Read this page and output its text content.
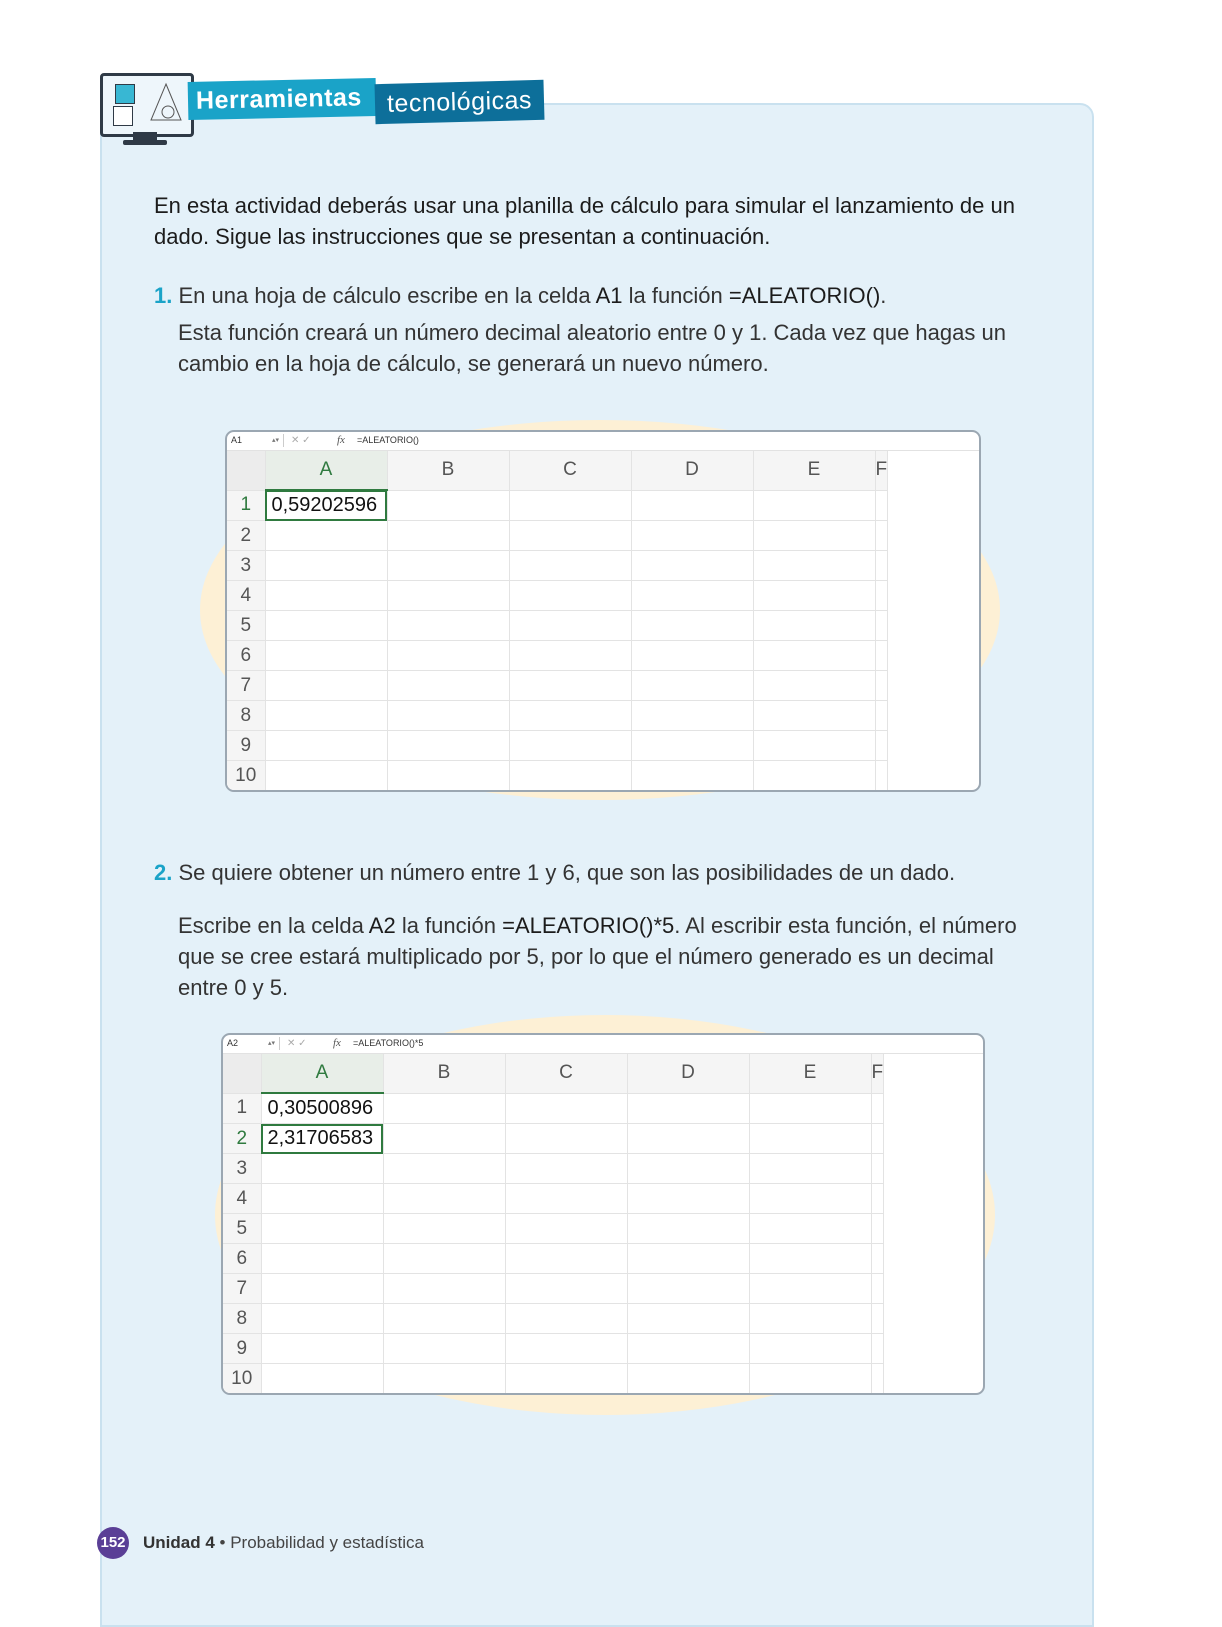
Herramientas tecnológicas
En esta actividad deberás usar una planilla de cálculo para simular el lanzamiento de un dado. Sigue las instrucciones que se presentan a continuación.
1. En una hoja de cálculo escribe en la celda A1 la función =ALEATORIO().
Esta función creará un número decimal aleatorio entre 0 y 1. Cada vez que hagas un cambio en la hoja de cálculo, se generará un nuevo número.
A1	▴▾ ✕ ✓ fx =ALEATORIO()
	A	B	C	D	E	F
1	0,59202596					
2						
3						
4						
5						
6						
7						
8						
9						
10						
2. Se quiere obtener un número entre 1 y 6, que son las posibilidades de un dado.
Escribe en la celda A2 la función =ALEATORIO()*5. Al escribir esta función, el número que se cree estará multiplicado por 5, por lo que el número generado es un decimal entre 0 y 5.
A2	▴▾ ✕ ✓ fx =ALEATORIO()*5
	A	B	C	D	E	F
1	0,30500896					
2	2,31706583					
3						
4						
5						
6						
7						
8						
9						
10						
152 Unidad 4 • Probabilidad y estadística
